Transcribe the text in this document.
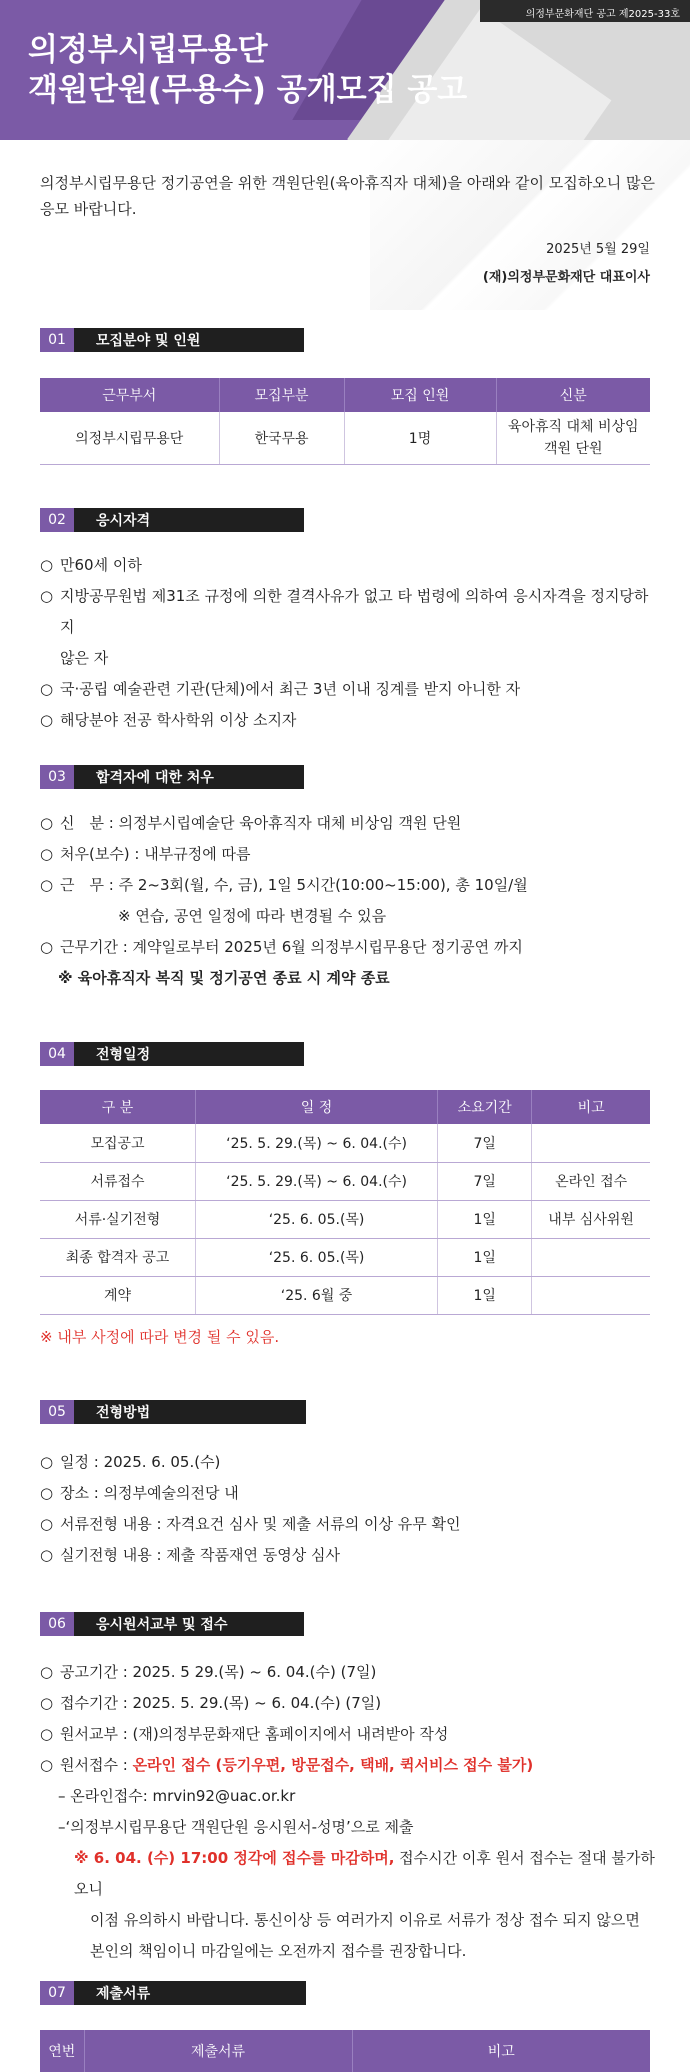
의정부문화재단 공고 제2025-33호
의정부시립무용단
객원단원(무용수) 공개모집 공고
의정부시립무용단 정기공연을 위한 객원단원(육아휴직자 대체)을 아래와 같이 모집하오니 많은 응모 바랍니다.
2025년 5월 29일
(재)의정부문화재단 대표이사
01	모집분야 및 인원
근무부서	모집부분	모집 인원	신분
의정부시립무용단	한국무용	1명	육아휴직 대체 비상임
객원 단원
02	응시자격
○ 만60세 이하
○ 지방공무원법 제31조 규정에 의한 결격사유가 없고 타 법령에 의하여 응시자격을 정지당하지
않은 자
○ 국·공립 예술관련 기관(단체)에서 최근 3년 이내 징계를 받지 아니한 자
○ 해당분야 전공 학사학위 이상 소지자
03	합격자에 대한 처우
○ 신　분 : 의정부시립예술단 육아휴직자 대체 비상임 객원 단원
○ 처우(보수) : 내부규정에 따름
○ 근　무 : 주 2~3회(월, 수, 금), 1일 5시간(10:00~15:00), 총 10일/월
※ 연습, 공연 일정에 따라 변경될 수 있음
○ 근무기간 : 계약일로부터 2025년 6월 의정부시립무용단 정기공연 까지
※ 육아휴직자 복직 및 정기공연 종료 시 계약 종료
04	전형일정
구 분	일 정	소요기간	비고
모집공고	‘25. 5. 29.(목) ~ 6. 04.(수)	7일	
서류접수	‘25. 5. 29.(목) ~ 6. 04.(수)	7일	온라인 접수
서류·실기전형	‘25. 6. 05.(목)	1일	내부 심사위원
최종 합격자 공고	‘25. 6. 05.(목)	1일	
계약	‘25. 6월 중	1일	
※ 내부 사정에 따라 변경 될 수 있음.
05	전형방법
○ 일정 : 2025. 6. 05.(수)
○ 장소 : 의정부예술의전당 내
○ 서류전형 내용 : 자격요건 심사 및 제출 서류의 이상 유무 확인
○ 실기전형 내용 : 제출 작품재연 동영상 심사
06	응시원서교부 및 접수
○ 공고기간 : 2025. 5 29.(목) ~ 6. 04.(수) (7일)
○ 접수기간 : 2025. 5. 29.(목) ~ 6. 04.(수) (7일)
○ 원서교부 : (재)의정부문화재단 홈페이지에서 내려받아 작성
○ 원서접수 : 온라인 접수 (등기우편, 방문접수, 택배, 퀵서비스 접수 불가)
– 온라인접수: mrvin92@uac.or.kr
–‘의정부시립무용단 객원단원 응시원서-성명’으로 제출
※ 6. 04. (수) 17:00 정각에 접수를 마감하며, 접수시간 이후 원서 접수는 절대 불가하오니
이점 유의하시 바랍니다. 통신이상 등 여러가지 이유로 서류가 정상 접수 되지 않으면
본인의 책임이니 마감일에는 오전까지 접수를 권장합니다.
07	제출서류
연번	제출서류	비고
